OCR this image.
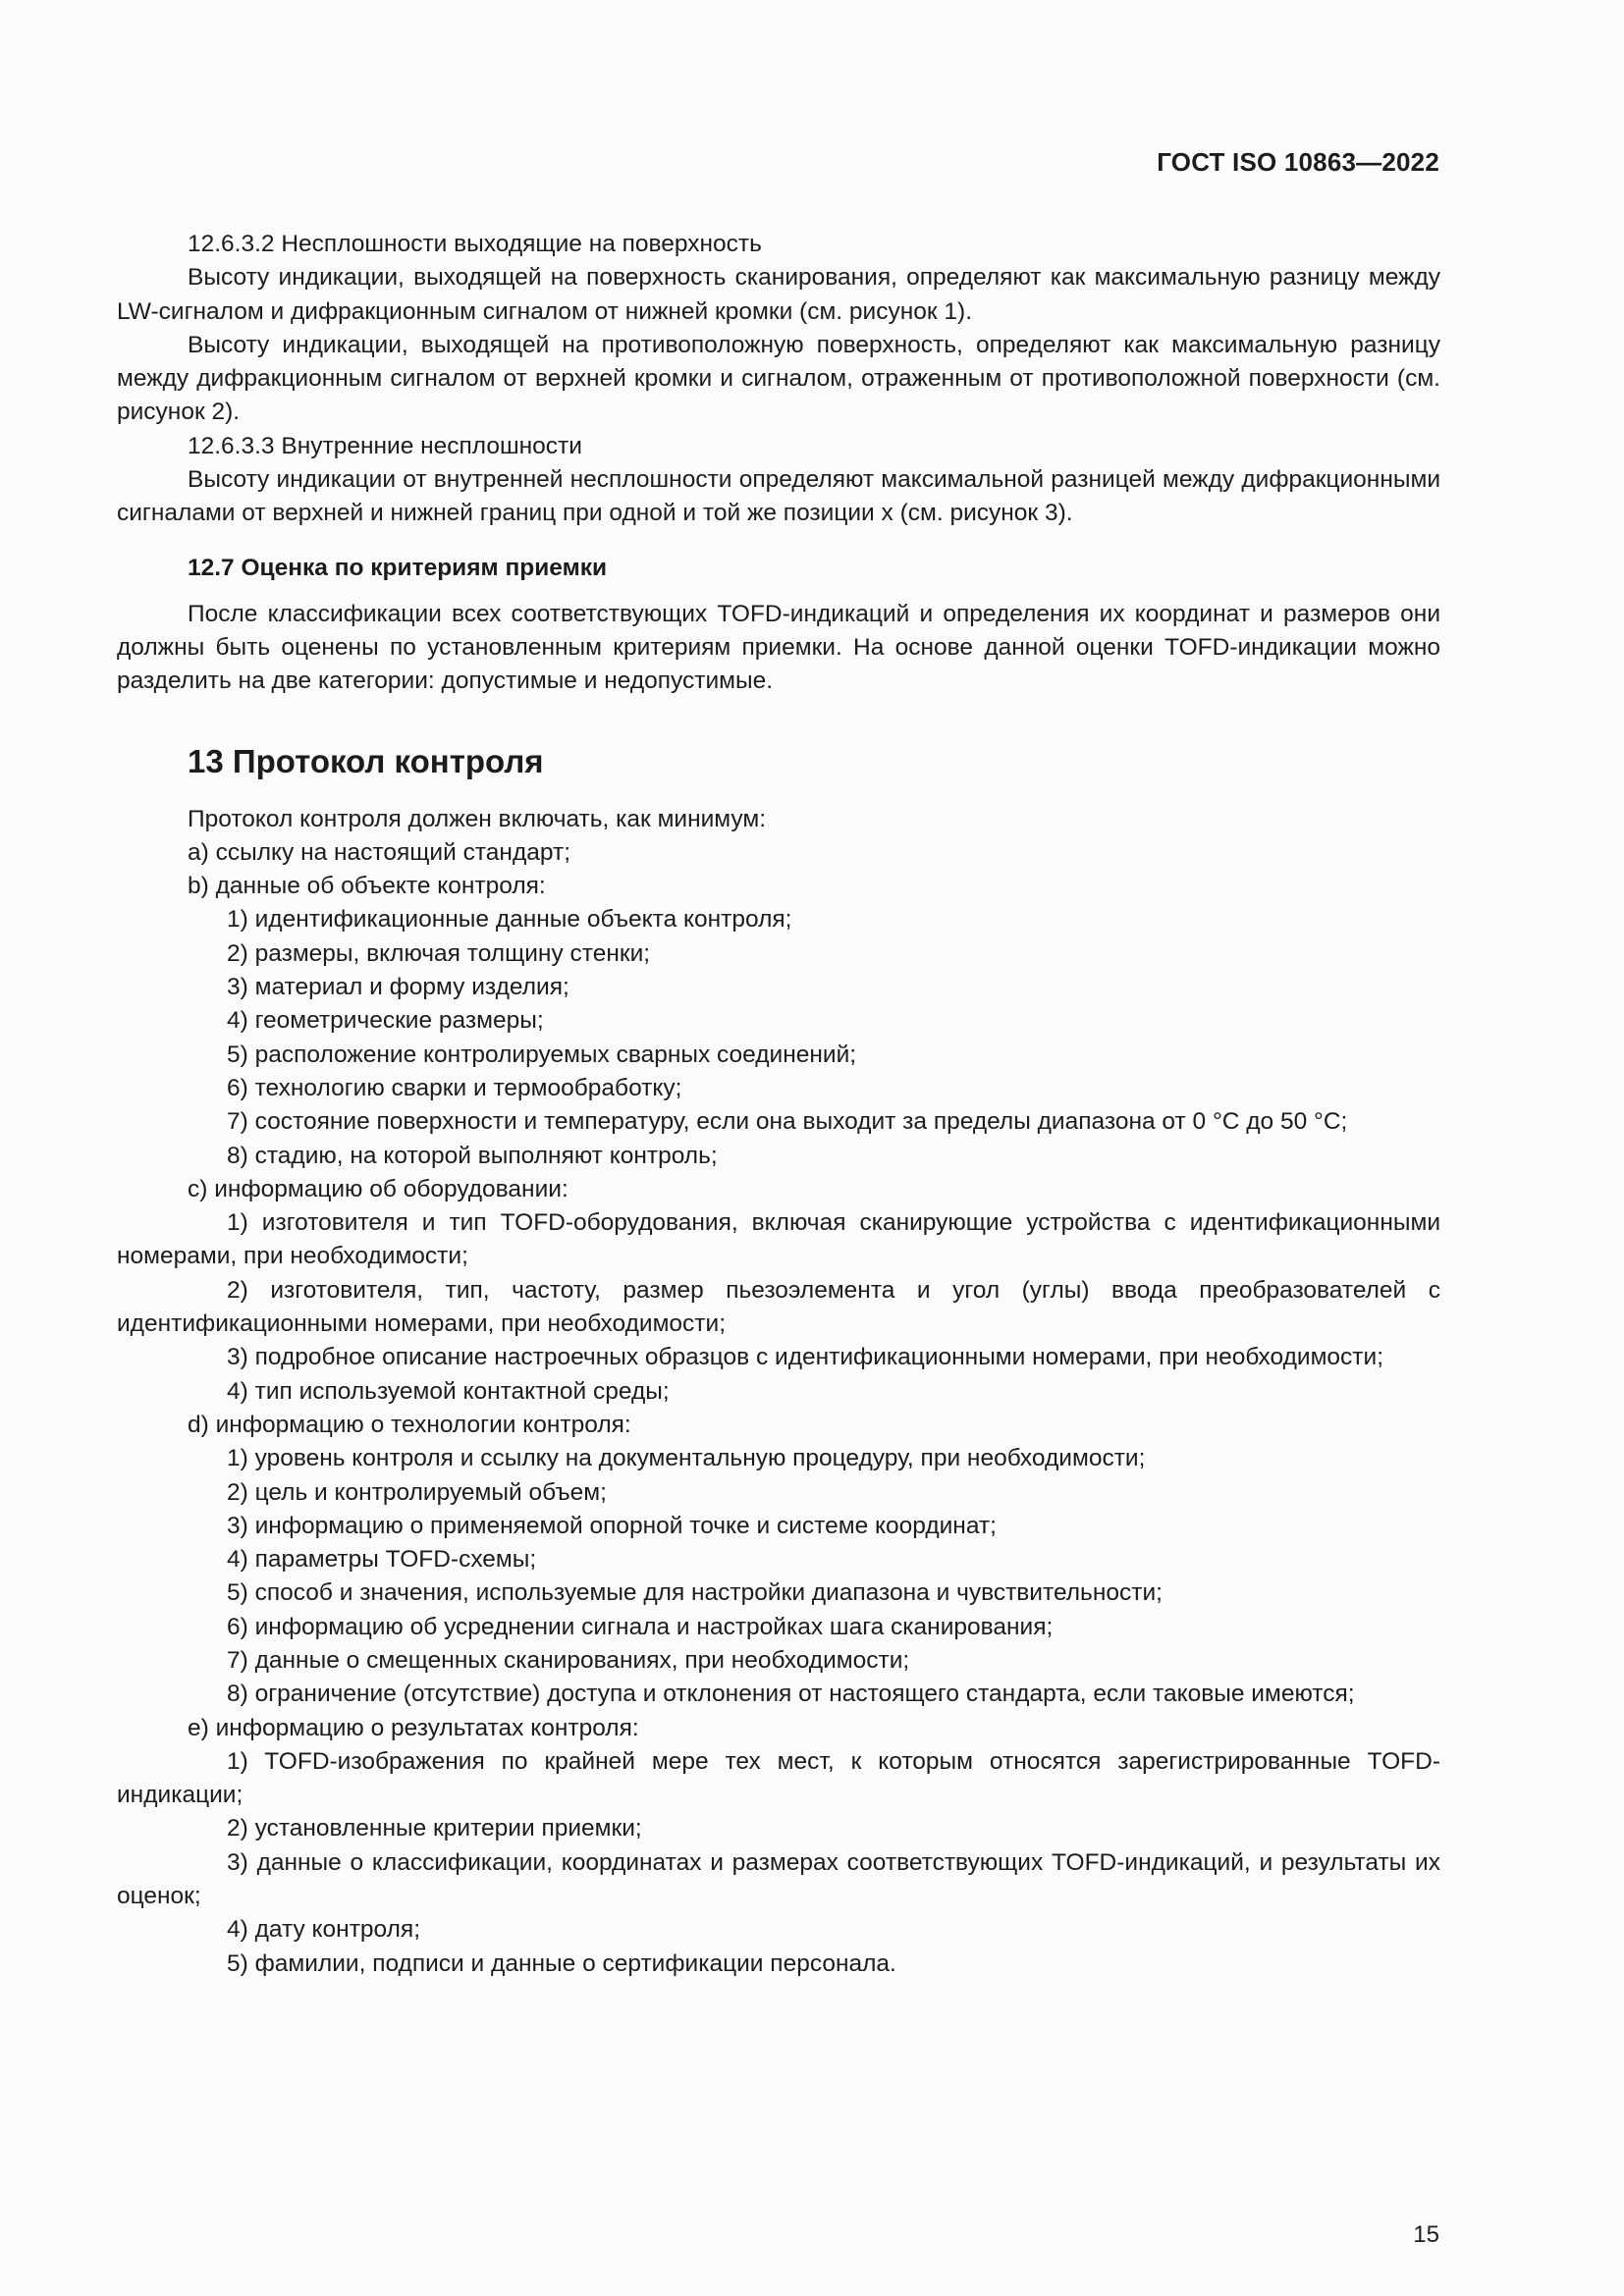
ГОСТ ISO 10863—2022

12.6.3.2 Несплошности выходящие на поверхность

Высоту индикации, выходящей на поверхность сканирования, определяют как максимальную разницу между LW-сигналом и дифракционным сигналом от нижней кромки (см. рисунок 1).

Высоту индикации, выходящей на противоположную поверхность, определяют как максимальную разницу между дифракционным сигналом от верхней кромки и сигналом, отраженным от противоположной поверхности (см. рисунок 2).

12.6.3.3 Внутренние несплошности

Высоту индикации от внутренней несплошности определяют максимальной разницей между дифракционными сигналами от верхней и нижней границ при одной и той же позиции x (см. рисунок 3).

12.7 Оценка по критериям приемки

После классификации всех соответствующих TOFD-индикаций и определения их координат и размеров они должны быть оценены по установленным критериям приемки. На основе данной оценки TOFD-индикации можно разделить на две категории: допустимые и недопустимые.

13 Протокол контроля

Протокол контроля должен включать, как минимум:

a) ссылку на настоящий стандарт;

b) данные об объекте контроля:

1) идентификационные данные объекта контроля;

2) размеры, включая толщину стенки;

3) материал и форму изделия;

4) геометрические размеры;

5) расположение контролируемых сварных соединений;

6) технологию сварки и термообработку;

7) состояние поверхности и температуру, если она выходит за пределы диапазона от 0 °C до 50 °C;

8) стадию, на которой выполняют контроль;

c) информацию об оборудовании:

1) изготовителя и тип TOFD-оборудования, включая сканирующие устройства с идентификационными номерами, при необходимости;

2) изготовителя, тип, частоту, размер пьезоэлемента и угол (углы) ввода преобразователей с идентификационными номерами, при необходимости;

3) подробное описание настроечных образцов с идентификационными номерами, при необходимости;

4) тип используемой контактной среды;

d) информацию о технологии контроля:

1) уровень контроля и ссылку на документальную процедуру, при необходимости;

2) цель и контролируемый объем;

3) информацию о применяемой опорной точке и системе координат;

4) параметры TOFD-схемы;

5) способ и значения, используемые для настройки диапазона и чувствительности;

6) информацию об усреднении сигнала и настройках шага сканирования;

7) данные о смещенных сканированиях, при необходимости;

8) ограничение (отсутствие) доступа и отклонения от настоящего стандарта, если таковые имеются;

e) информацию о результатах контроля:

1) TOFD-изображения по крайней мере тех мест, к которым относятся зарегистрированные TOFD-индикации;

2) установленные критерии приемки;

3) данные о классификации, координатах и размерах соответствующих TOFD-индикаций, и результаты их оценок;

4) дату контроля;

5) фамилии, подписи и данные о сертификации персонала.

15
